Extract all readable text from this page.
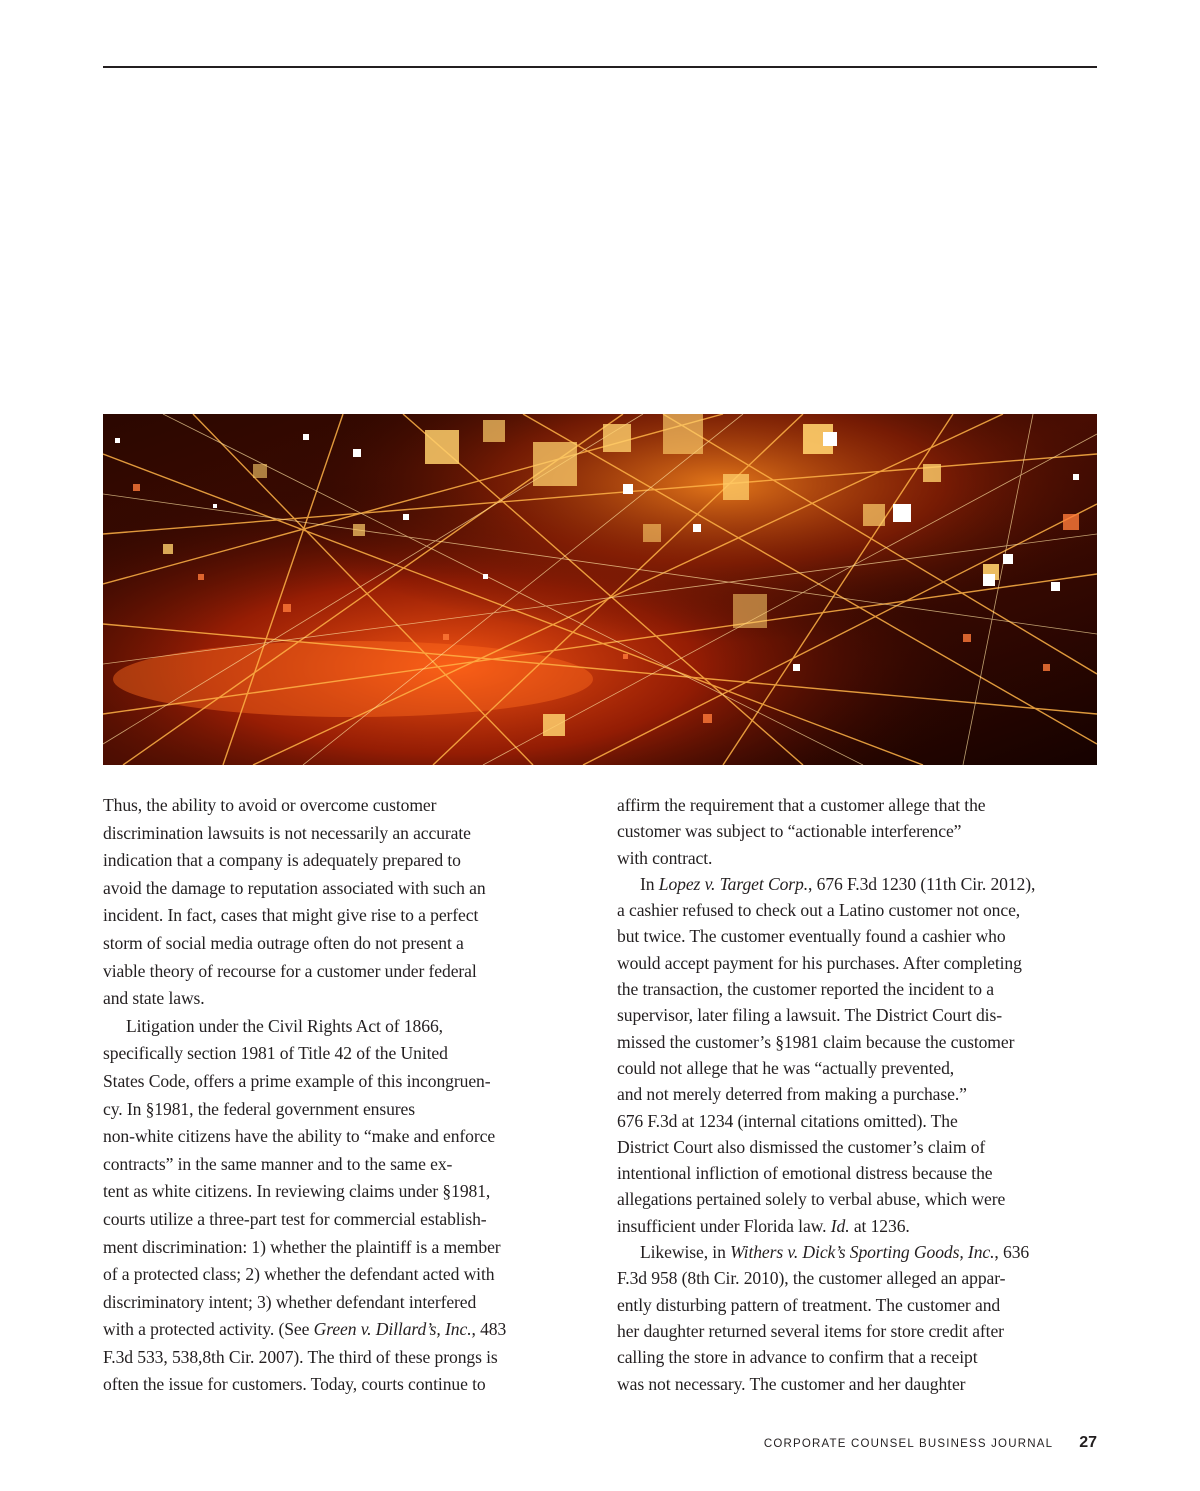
Thus, the ability to avoid or overcome customer
discrimination lawsuits is not necessarily an accurate
indication that a company is adequately prepared to
avoid the damage to reputation associated with such an
incident. In fact, cases that might give rise to a perfect
storm of social media outrage often do not present a
viable theory of recourse for a customer under federal
and state laws.

Litigation under the Civil Rights Act of 1866,
specifically section 1981 of Title 42 of the United
States Code, offers a prime example of this incongruen-
cy. In §1981, the federal government ensures
non-white citizens have the ability to “make and enforce
contracts” in the same manner and to the same ex-
tent as white citizens. In reviewing claims under §1981,
courts utilize a three-part test for commercial establish-
ment discrimination: 1) whether the plaintiff is a member
of a protected class; 2) whether the defendant acted with
discriminatory intent; 3) whether defendant interfered
with a protected activity. (See Green v. Dillard’s, Inc., 483
F.3d 533, 538,8th Cir. 2007). The third of these prongs is
often the issue for customers. Today, courts continue to

affirm the requirement that a customer allege that the
customer was subject to “actionable interference”
with contract.

In Lopez v. Target Corp., 676 F.3d 1230 (11th Cir. 2012),
a cashier refused to check out a Latino customer not once,
but twice. The customer eventually found a cashier who
would accept payment for his purchases. After completing
the transaction, the customer reported the incident to a
supervisor, later filing a lawsuit. The District Court dis-
missed the customer’s §1981 claim because the customer
could not allege that he was “actually prevented,
and not merely deterred from making a purchase.”
676 F.3d at 1234 (internal citations omitted). The
District Court also dismissed the customer’s claim of
intentional infliction of emotional distress because the
allegations pertained solely to verbal abuse, which were
insufficient under Florida law. Id. at 1236.

Likewise, in Withers v. Dick’s Sporting Goods, Inc., 636
F.3d 958 (8th Cir. 2010), the customer alleged an appar-
ently disturbing pattern of treatment. The customer and
her daughter returned several items for store credit after
calling the store in advance to confirm that a receipt
was not necessary. The customer and her daughter

CORPORATE COUNSEL BUSINESS JOURNAL 27
